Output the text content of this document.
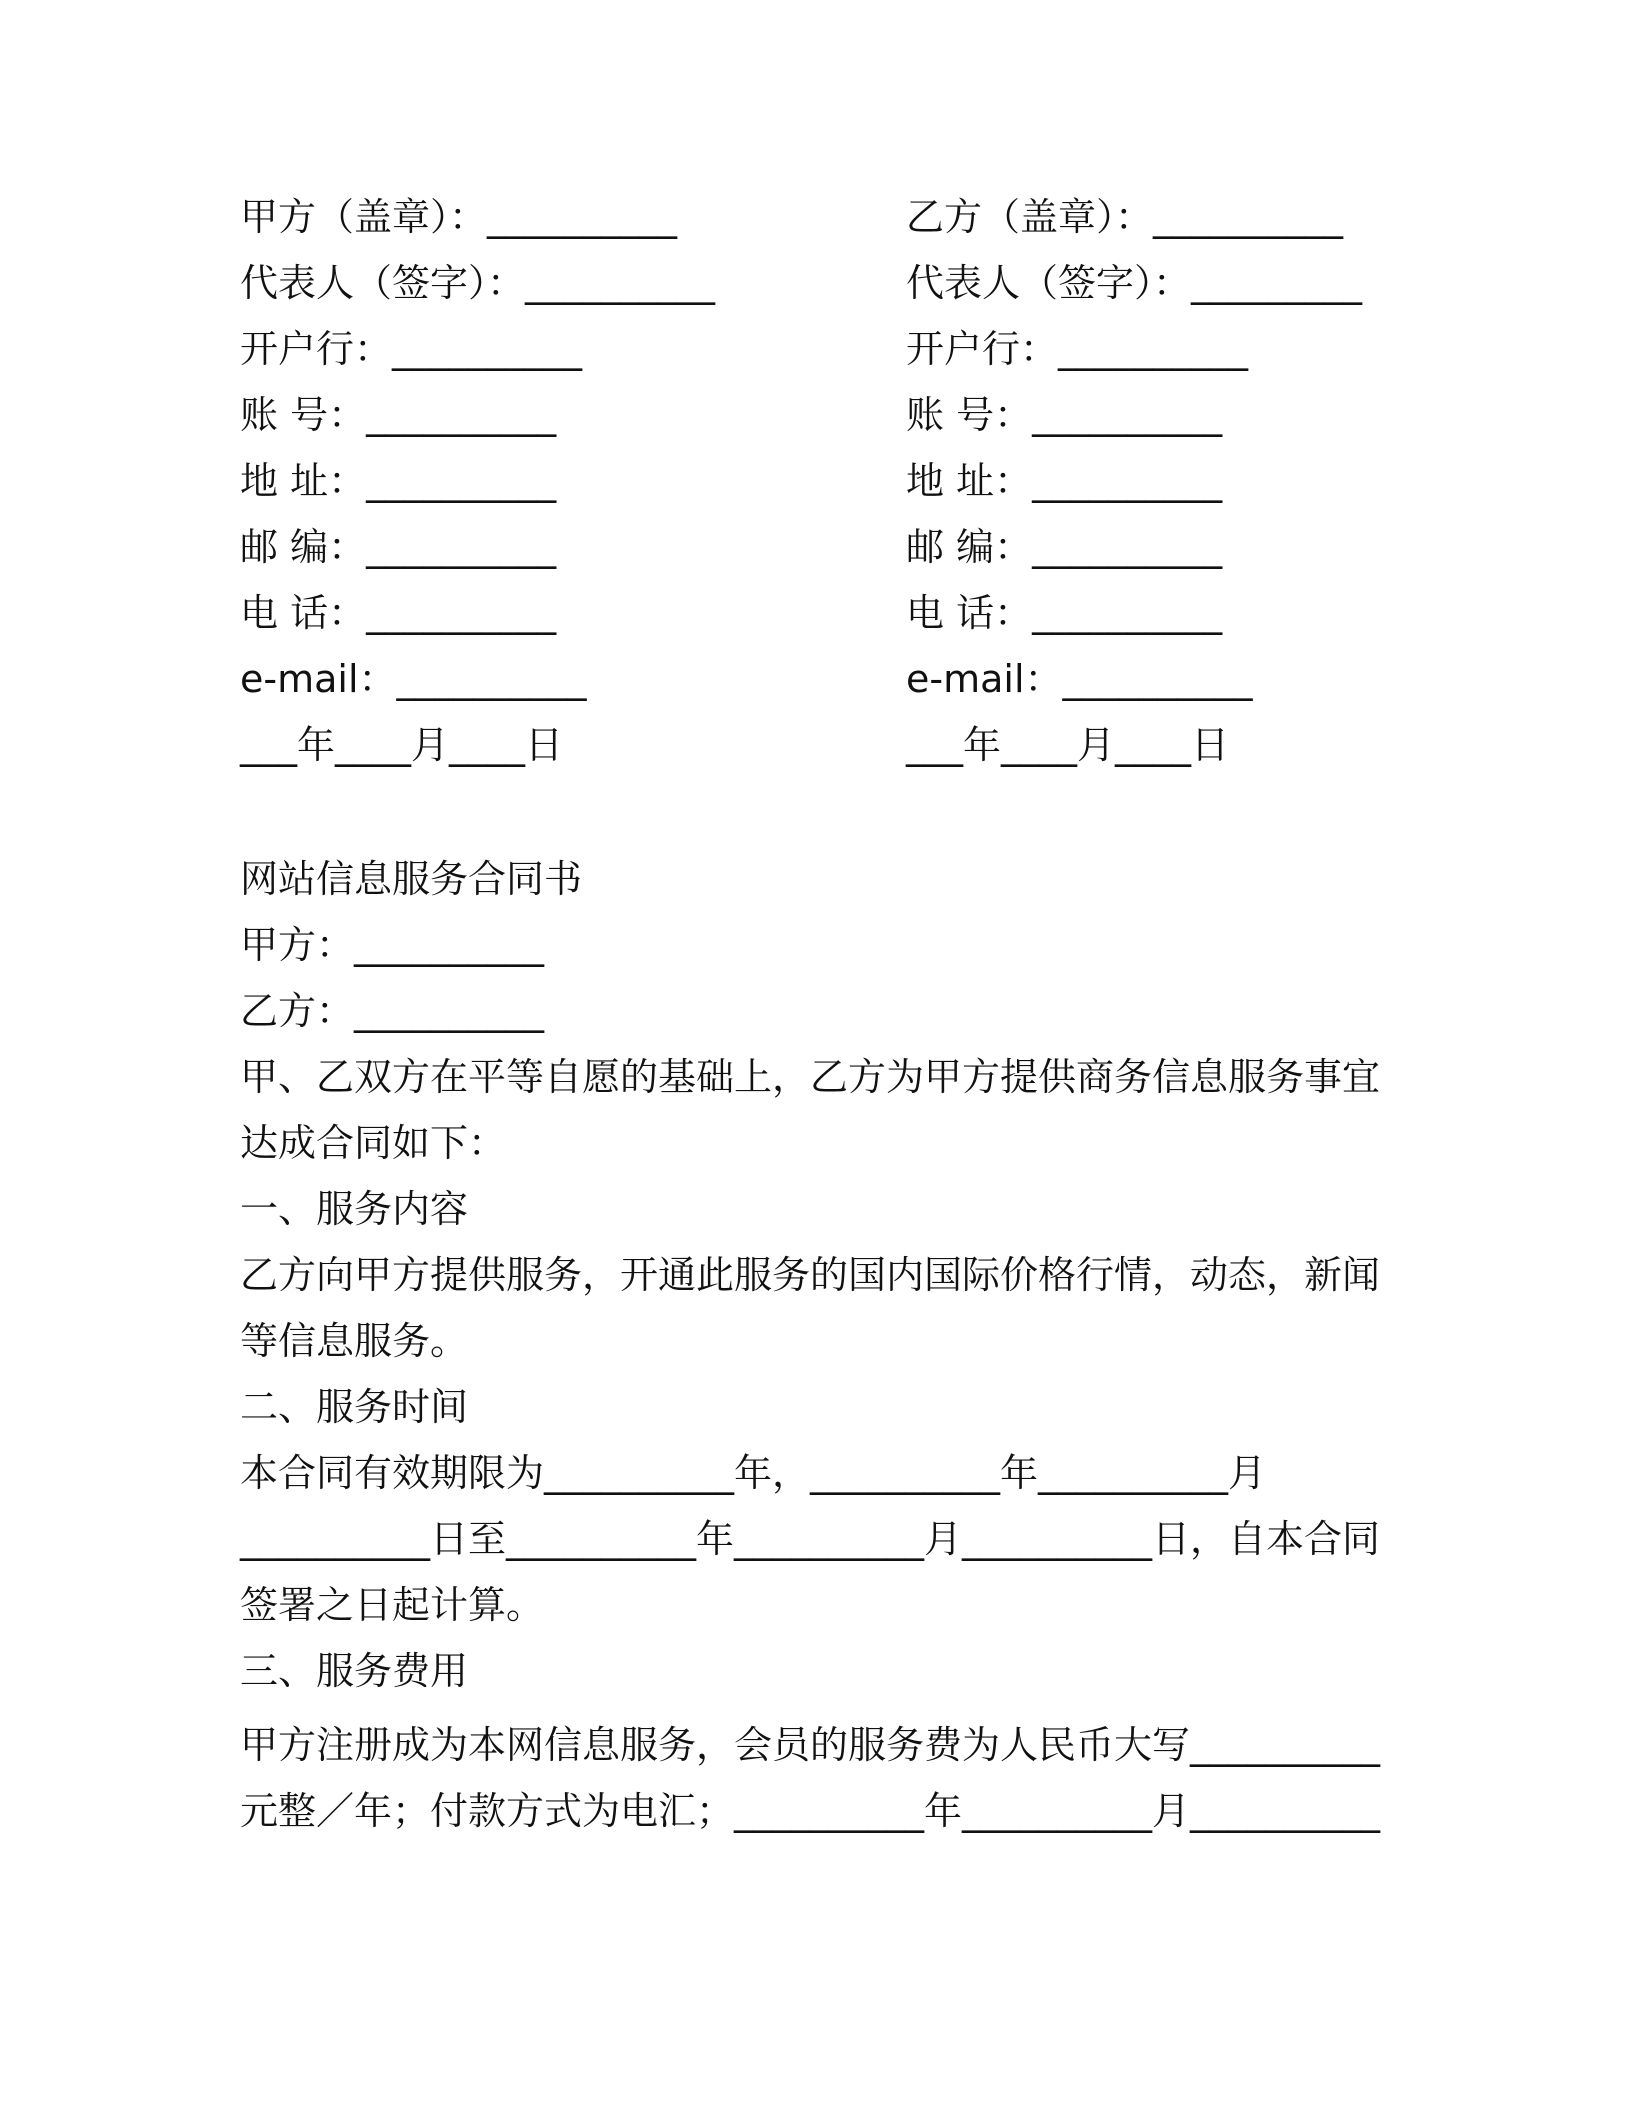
甲方（盖章）：__________
代表人（签字）：__________
开户行：__________
账 号：__________
地 址：__________
邮 编：__________
电 话：__________
e-mail：__________
___年____月____日
乙方（盖章）：__________
代表人（签字）：_________
开户行：__________
账 号：__________
地 址：__________
邮 编：__________
电 话：__________
e-mail：__________
___年____月____日
网站信息服务合同书
甲方：__________
乙方：__________
甲、乙双方在平等自愿的基础上，乙方为甲方提供商务信息服务事宜
达成合同如下：
一、服务内容
乙方向甲方提供服务，开通此服务的国内国际价格行情，动态，新闻
等信息服务。
二、服务时间
本合同有效期限为__________年，__________年__________月
__________日至__________年__________月__________日，自本合同
签署之日起计算。
三、服务费用
甲方注册成为本网信息服务，会员的服务费为人民币大写__________
元整／年；付款方式为电汇；__________年__________月__________
